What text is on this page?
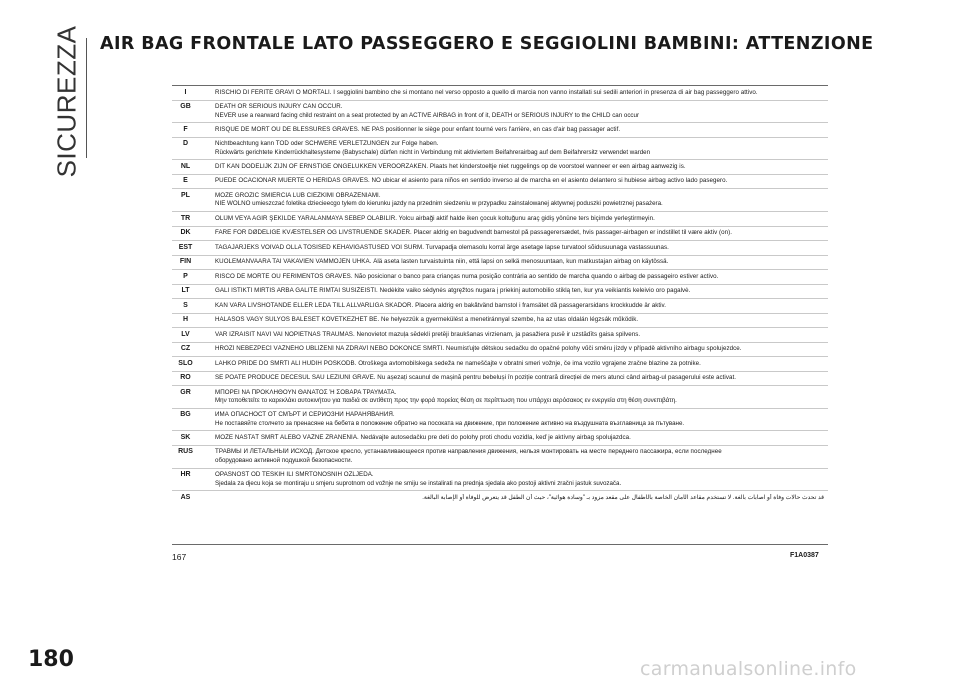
SICUREZZA AIR BAG FRONTALE LATO PASSEGGERO E SEGGIOLINI BAMBINI: ATTENZIONE
I	RISCHIO DI FERITE GRAVI O MORTALI. I seggiolini bambino che si montano nel verso opposto a quello di marcia non vanno installati sui sedili anteriori in presenza di air bag passeggero attivo.
GB	DEATH OR SERIOUS INJURY CAN OCCUR.
NEVER use a rearward facing child restraint on a seat protected by an ACTIVE AIRBAG in front of it, DEATH or SERIOUS INJURY to the CHILD can occur
F	RISQUE DE MORT OU DE BLESSURES GRAVES. NE PAS positionner le siège pour enfant tourné vers l'arrière, en cas d'air bag passager actif.
D	Nichtbeachtung kann TOD oder SCHWERE VERLETZUNGEN zur Folge haben.
Rückwärts gerichtete Kinderrückhaltesysteme (Babyschale) dürfen nicht in Verbindung mit aktiviertem Beifahrerairbag auf dem Beifahrersitz verwendet warden
NL	DIT KAN DODELIJK ZIJN OF ERNSTIGE ONGELUKKEN VEROORZAKEN. Plaats het kinderstoeltje niet ruggelings op de voorstoel wanneer er een airbag aanwezig is.
E	PUEDE OCACIONAR MUERTE O HERIDAS GRAVES. NO ubicar el asiento para niños en sentido inverso al de marcha en el asiento delantero si hubiese airbag activo lado pasegero.
PL	MOŻE GROZIĆ ŚMIERCIA LUB CIEŻKIMI OBRAŻENIAMI.
NIE WOLNO umieszczać foletika dziecieecgo tylem do kierunku jazdy na przednim siedzeniu w przypadku zainstalowanej aktywnej poduszki powietrznej pasażera.
TR	ÖLÜM VEYA AĞIR ŞEKİLDE YARALANMAYA SEBEP OLABİLİR. Yolcu airbaği aktif halde iken çocuk koltuğunu araç gidiş yönüne ters biçimde yerleştirmeyin.
DK	FARE FOR DØDELIGE KVÆSTELSER OG LIVSTRUENDE SKADER. Placer aldrig en bagudvendt barnestol på passagerersædet, hvis passager-airbagen er indstillet til være aktiv (on).
EST	TAGAJÄRJEKS VÕIVAD OLLA TÕSISED KEHAVIGASTUSED VÕI SURM. Turvapadja olemasolu korral ärge asetage lapse turvatool sõidusuunaga vastassuunas.
FIN	KUOLEMANVAARA TAI VAKAVIEN VAMMOJEN UHKA. Älä aseta lasten turvaistuinta niin, että lapsi on selkä menosuuntaan, kun matkustajan airbag on käytössä.
P	RISCO DE MORTE OU FERIMENTOS GRAVES. Não posicionar o banco para crianças numa posição contrária ao sentido de marcha quando o airbag de passageiro estiver activo.
LT	GALI IŠTIKTI MIRTIS ARBA GALITE RIMTAI SUSIŽEISTI. Nedėkite vaiko sėdynės atgręžtos nugara į priekinį automobilio stiklą ten, kur yra veikiantis keleivio oro pagalvė.
S	KAN VARA LIVSHOTANDE ELLER LEDA TILL ALLVARLIGA SKADOR. Placera aldrig en bakåtvänd barnstol i framsätet då passagerarsidans krockkudde är aktiv.
H	HALÁSOS VAGY SÚLYOS BALESET KÖVETKEZHET BE. Ne helyezzük a gyermekülést a menetiránnyal szembe, ha az utas oldalán légzsák működik.
LV	VAR IZRAISĪT NĀVI VAI NOPIETNAS TRAUMAS. Nenovietot mazuļa sēdekli pretēji braukšanas virzienam, ja pasažiera pusē ir uzstādīts gaisa spilvens.
CZ	HROZÍ NEBEZPEČÍ VÁŽNÉHO UBLÍŽENÍ NA ZDRAVÍ NEBO DOKONCE SMRTI. Neumisťujte dětskou sedačku do opačné polohy vůči směru jízdy v případě aktivního airbagu spolujezdce.
SLO	LAHKO PRIDE DO SMRTI ALI HUDIH POŠKODB. Otroškega avtomobilskega sedeža ne nameščajte v obratni smeri vožnje, če ima vozilo vgrajene zračne blazine za potnike.
RO	SE POATE PRODUCE DECESUL SAU LEZIUNI GRAVE. Nu așezați scaunul de mașină pentru bebeluși în poziție contrară direcției de mers atunci când airbag-ul pasagerului este activat.
GR	ΜΠΟΡΕΙ ΝΑ ΠΡΟΚΛΗΘΟΥΝ ΘΑΝΑΤΟΣ Ή ΣΟΒΑΡΑ ΤΡΑΥΜΑΤΑ.
Μην τοποθετείτε το καρεκλάκι αυτοκινήτου για παιδιά σε αντίθετη προς την φορά πορείας θέση σε περίπτωση που υπάρχει αερόσακος εν ενεργεία στη θέση συνεπιβάτη.
BG	ИМА ОПАСНОСТ ОТ СМЪРТ И СЕРИОЗНИ НАРАНЯВАНИЯ.
Не поставяйте столчето за пренасяне на бебета в положение обратно на посоката на движение, при положение активно на въздушната възглавница за пътуване.
SK	MÔŽE NASTAŤ SMRŤ ALEBO VÁŽNE ZRANENIA. Nedávajte autosedačku pre deti do polohy proti chodu vozidla, keď je aktívny airbag spolujazdca.
RUS	ТРАВМЫ И ЛЕТАЛЬНЫЙ ИСХОД. Детское кресло, устанавливающееся против направления движения, нельзя монтировать на месте переднего пассажира, если последнее
оборудовано активной подушкой безопасности.
HR	OPASNOST OD TEŠKIH ILI SMRTONOSNIH OZLJEDA.
Sjedala za djecu koja se montiraju u smjeru suprotnom od vožnje ne smiju se instalirati na prednja sjedala ako postoji aktivni zračni jastuk suvozača.
AS	قد تحدث حالات وفاة أو اصابات بالغة. لا تستخدم مقاعد الأمان الخاصة بالأطفال على مقعد مزود بـ "وسادة هوائية"، حيث أن الطفل قد يتعرض للوفاة أو الإصابة البالغة.
167	F1A0387
180	carmanualsonline.info
